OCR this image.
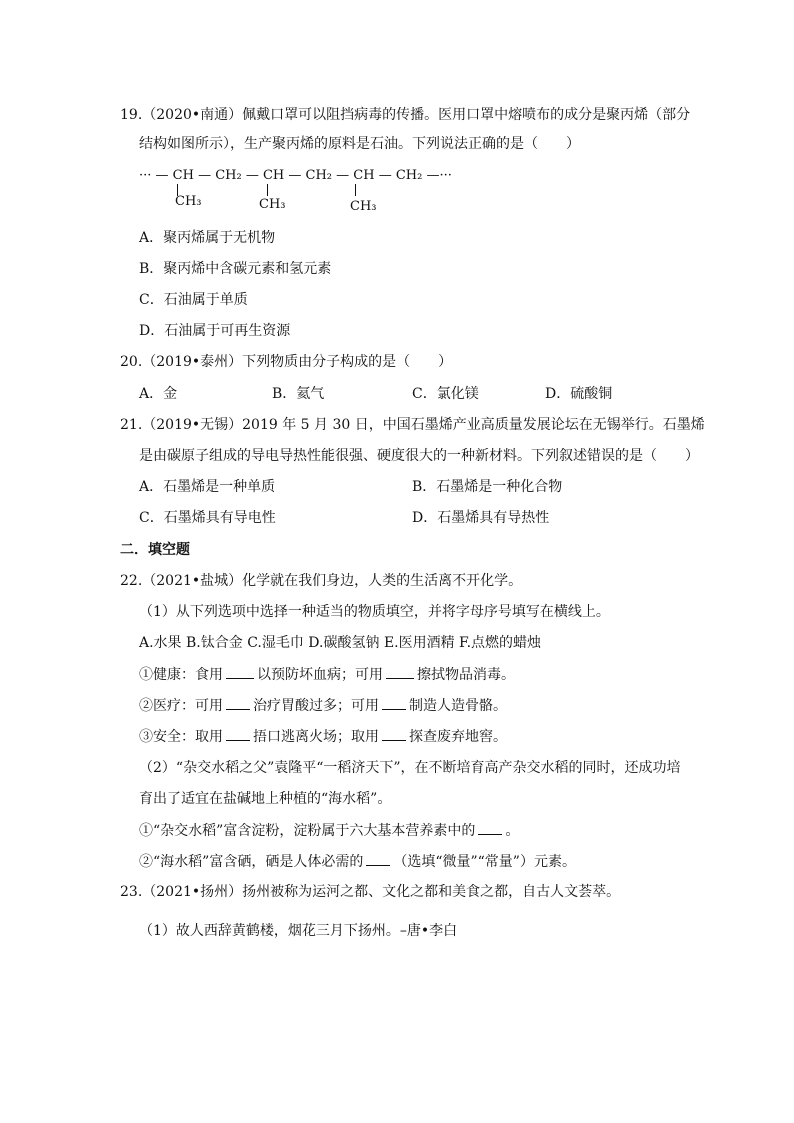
19.（2020•南通）佩戴口罩可以阻挡病毒的传播。医用口罩中熔喷布的成分是聚丙烯（部分
结构如图所示），生产聚丙烯的原料是石油。下列说法正确的是（　　）
··· — CH — CH₂ — CH — CH₂ — CH — CH₂ —···
CH₃	CH₃	CH₃
A．聚丙烯属于无机物
B．聚丙烯中含碳元素和氢元素
C．石油属于单质
D．石油属于可再生资源
20.（2019•泰州）下列物质由分子构成的是（　　）
A．金	B．氦气	C．氯化镁	D．硫酸铜
21.（2019•无锡）2019 年 5 月 30 日，中国石墨烯产业高质量发展论坛在无锡举行。石墨烯
是由碳原子组成的导电导热性能很强、硬度很大的一种新材料。下列叙述错误的是（　　）
A．石墨烯是一种单质	B．石墨烯是一种化合物
C．石墨烯具有导电性	D．石墨烯具有导热性
二．填空题
22.（2021•盐城）化学就在我们身边，人类的生活离不开化学。
（1）从下列选项中选择一种适当的物质填空，并将字母序号填写在横线上。
A.水果 B.钛合金 C.湿毛巾 D.碳酸氢钠 E.医用酒精 F.点燃的蜡烛
①健康：食用 以预防坏血病；可用 擦拭物品消毒。
②医疗：可用 治疗胃酸过多；可用 制造人造骨骼。
③安全：取用 捂口逃离火场；取用 探查废弃地窖。
（2）“杂交水稻之父”袁隆平“一稻济天下”，在不断培育高产杂交水稻的同时，还成功培
育出了适宜在盐碱地上种植的“海水稻”。
①“杂交水稻”富含淀粉，淀粉属于六大基本营养素中的 。
②“海水稻”富含硒，硒是人体必需的 （选填“微量”“常量”）元素。
23.（2021•扬州）扬州被称为运河之都、文化之都和美食之都，自古人文荟萃。
（1）故人西辞黄鹤楼，烟花三月下扬州。–唐•李白
